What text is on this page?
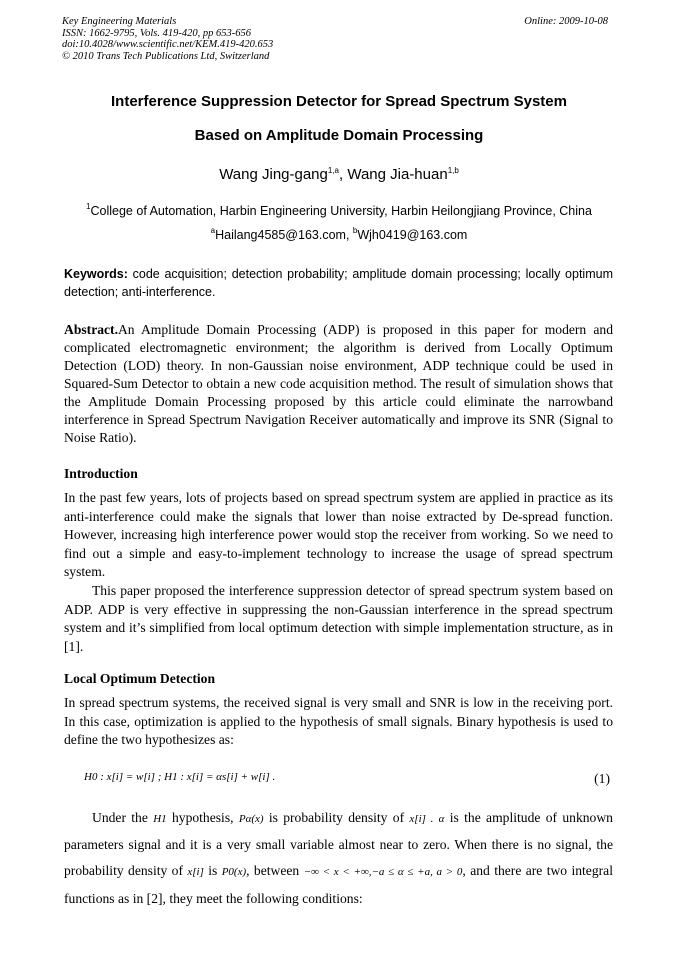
Key Engineering Materials
ISSN: 1662-9795, Vols. 419-420, pp 653-656
doi:10.4028/www.scientific.net/KEM.419-420.653
© 2010 Trans Tech Publications Ltd, Switzerland
Online: 2009-10-08
Interference Suppression Detector for Spread Spectrum System
Based on Amplitude Domain Processing
Wang Jing-gang$^{1,a}$, Wang Jia-huan$^{1,b}$
$^1$College of Automation, Harbin Engineering University, Harbin Heilongjiang Province, China
$^a$Hailang4585@163.com, $^b$Wjh0419@163.com
Keywords: code acquisition; detection probability; amplitude domain processing; locally optimum detection; anti-interference.
Abstract.An Amplitude Domain Processing (ADP) is proposed in this paper for modern and complicated electromagnetic environment; the algorithm is derived from Locally Optimum Detection (LOD) theory. In non-Gaussian noise environment, ADP technique could be used in Squared-Sum Detector to obtain a new code acquisition method. The result of simulation shows that the Amplitude Domain Processing proposed by this article could eliminate the narrowband interference in Spread Spectrum Navigation Receiver automatically and improve its SNR (Signal to Noise Ratio).
Introduction
In the past few years, lots of projects based on spread spectrum system are applied in practice as its anti-interference could make the signals that lower than noise extracted by De-spread function. However, increasing high interference power would stop the receiver from working. So we need to find out a simple and easy-to-implement technology to increase the usage of spread spectrum system.
This paper proposed the interference suppression detector of spread spectrum system based on ADP. ADP is very effective in suppressing the non-Gaussian interference in the spread spectrum system and it’s simplified from local optimum detection with simple implementation structure, as in [1].
Local Optimum Detection
In spread spectrum systems, the received signal is very small and SNR is low in the receiving port. In this case, optimization is applied to the hypothesis of small signals. Binary hypothesis is used to define the two hypothesizes as:
H0 : x[i] = w[i] ; H1 : x[i] = αs[i] + w[i] .	(1)
Under the H1 hypothesis, Pα(x) is probability density of x[i] . α is the amplitude of unknown parameters signal and it is a very small variable almost near to zero. When there is no signal, the probability density of x[i] is P0(x), between −∞ < x < +∞,−a ≤ α ≤ +a, a > 0, and there are two integral functions as in [2], they meet the following conditions:
